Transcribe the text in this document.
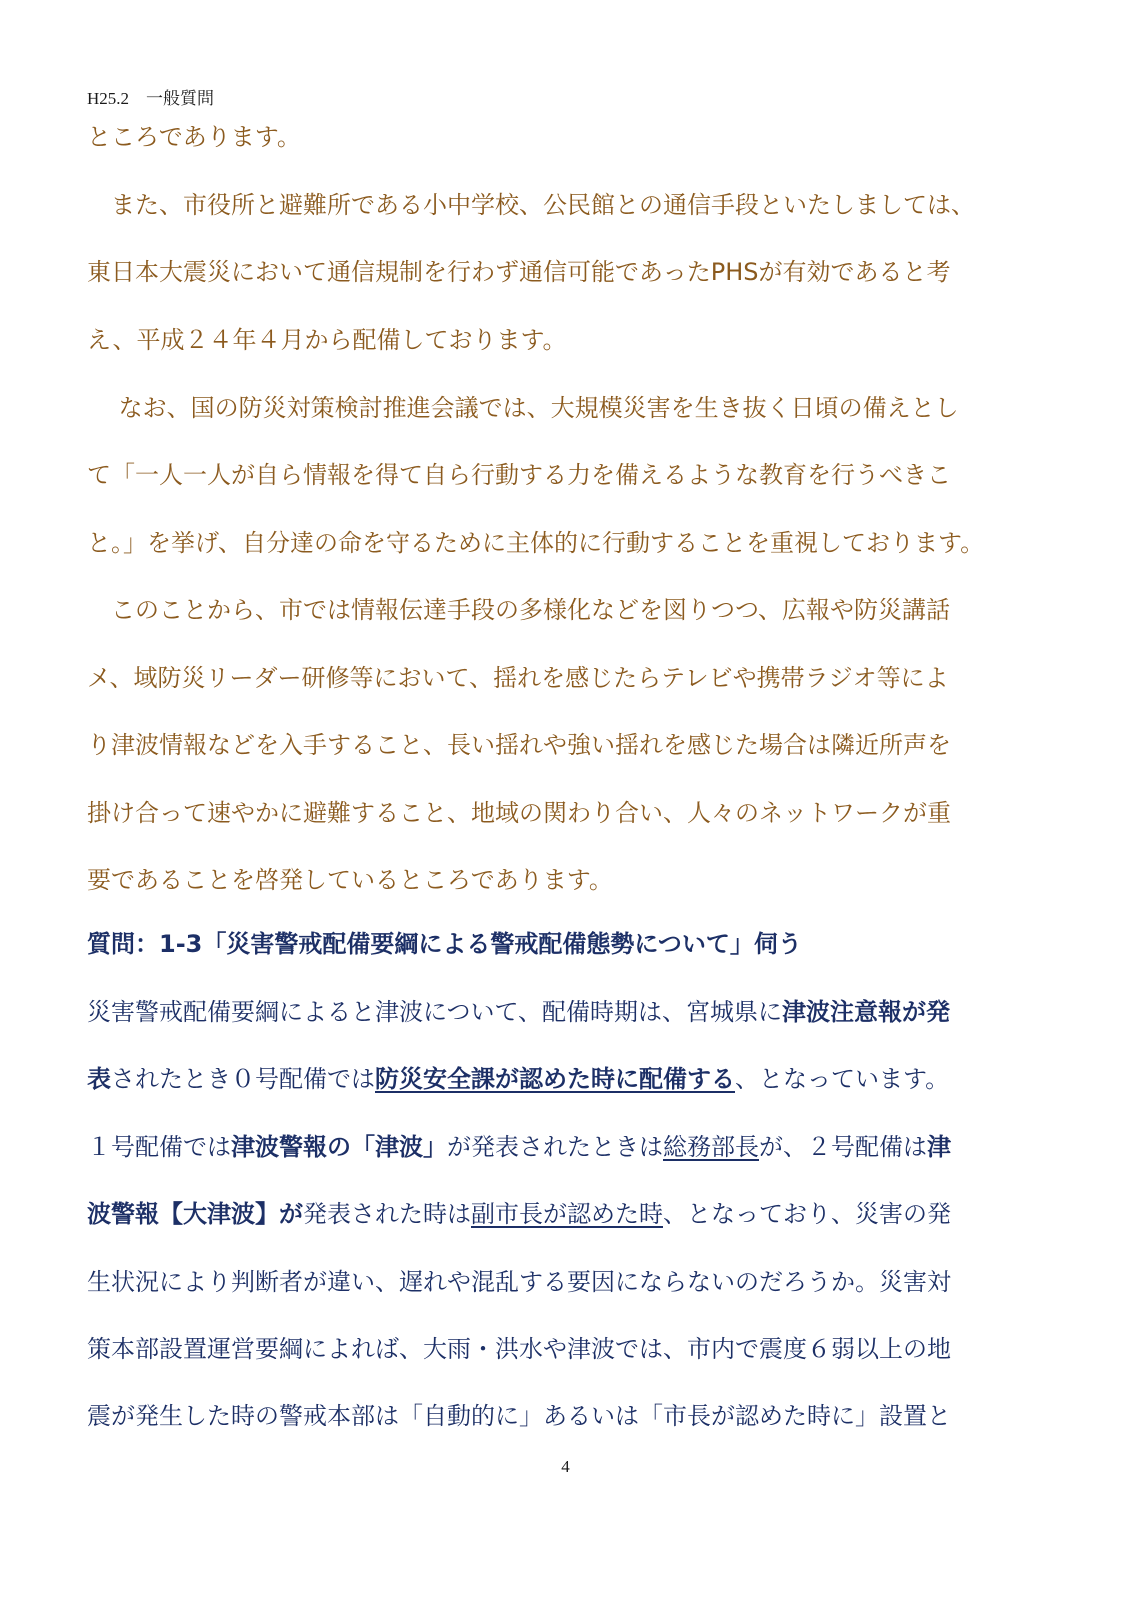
H25.2　一般質問

ところであります。

　また、市役所と避難所である小中学校、公民館との通信手段といたしましては、

東日本大震災において通信規制を行わず通信可能であったPHSが有効であると考

え、平成２４年４月から配備しております。

　 なお、国の防災対策検討推進会議では、大規模災害を生き抜く日頃の備えとし

て「一人一人が自ら情報を得て自ら行動する力を備えるような教育を行うべきこ

と。」を挙げ、自分達の命を守るために主体的に行動することを重視しております。

　このことから、市では情報伝達手段の多様化などを図りつつ、広報や防災講話

メ、域防災リーダー研修等において、揺れを感じたらテレビや携帯ラジオ等によ

り津波情報などを入手すること、長い揺れや強い揺れを感じた場合は隣近所声を

掛け合って速やかに避難すること、地域の関わり合い、人々のネットワークが重

要であることを啓発しているところであります。

質問：1-3「災害警戒配備要綱による警戒配備態勢について」伺う

災害警戒配備要綱によると津波について、配備時期は、宮城県に津波注意報が発

表されたとき０号配備では防災安全課が認めた時に配備する、となっています。

１号配備では津波警報の「津波」が発表されたときは総務部長が、２号配備は津

波警報【大津波】が発表された時は副市長が認めた時、となっており、災害の発

生状況により判断者が違い、遅れや混乱する要因にならないのだろうか。災害対

策本部設置運営要綱によれば、大雨・洪水や津波では、市内で震度６弱以上の地

震が発生した時の警戒本部は「自動的に」あるいは「市長が認めた時に」設置と

4
